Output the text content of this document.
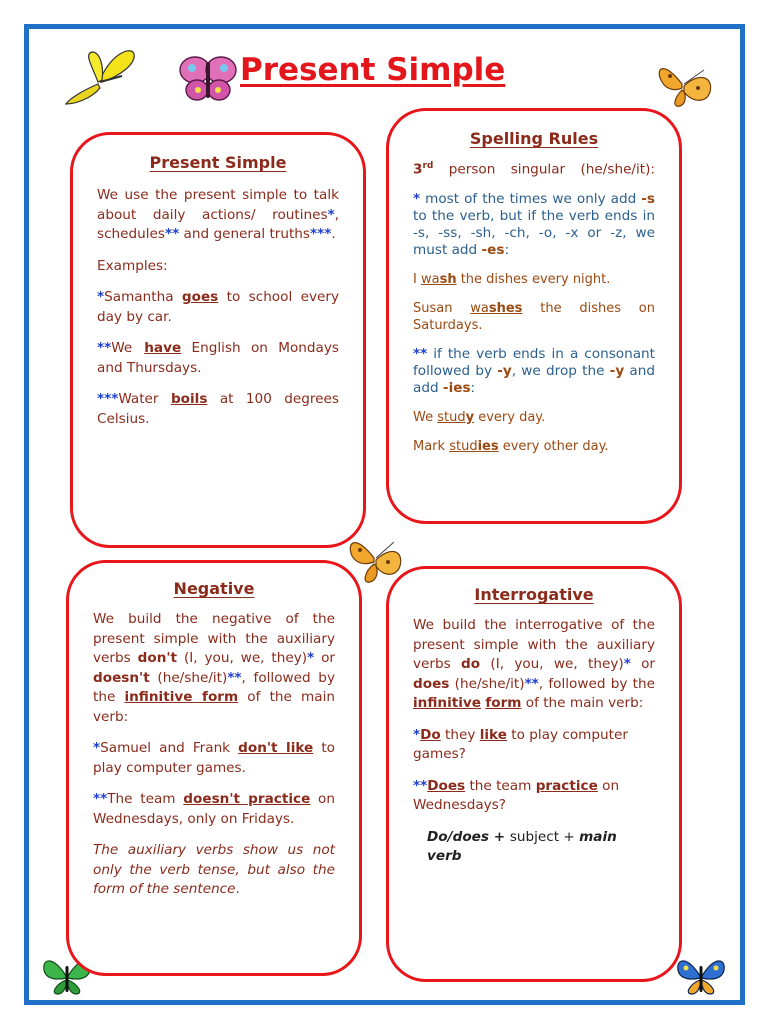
Present Simple

Present Simple

We use the present simple to talk about daily actions/ routines*, schedules** and general truths***.

Examples:

*Samantha goes to school every day by car.

**We have English on Mondays and Thursdays.

***Water boils at 100 degrees Celsius.

Spelling Rules

3rd person singular (he/she/it):

* most of the times we only add -s to the verb, but if the verb ends in -s, -ss, -sh, -ch, -o, -x or -z, we must add -es:

I wash the dishes every night.

Susan washes the dishes on Saturdays.

** if the verb ends in a consonant followed by -y, we drop the -y and add -ies:

We study every day.

Mark studies every other day.

Negative

We build the negative of the present simple with the auxiliary verbs don't (I, you, we, they)* or doesn't (he/she/it)**, followed by the infinitive form of the main verb:

*Samuel and Frank don't like to play computer games.

**The team doesn't practice on Wednesdays, only on Fridays.

The auxiliary verbs show us not only the verb tense, but also the form of the sentence.

Interrogative

We build the interrogative of the present simple with the auxiliary verbs do (I, you, we, they)* or does (he/she/it)**, followed by the infinitive form of the main verb:

*Do they like to play computer games?

**Does the team practice on Wednesdays?

Do/does + subject + main verb
